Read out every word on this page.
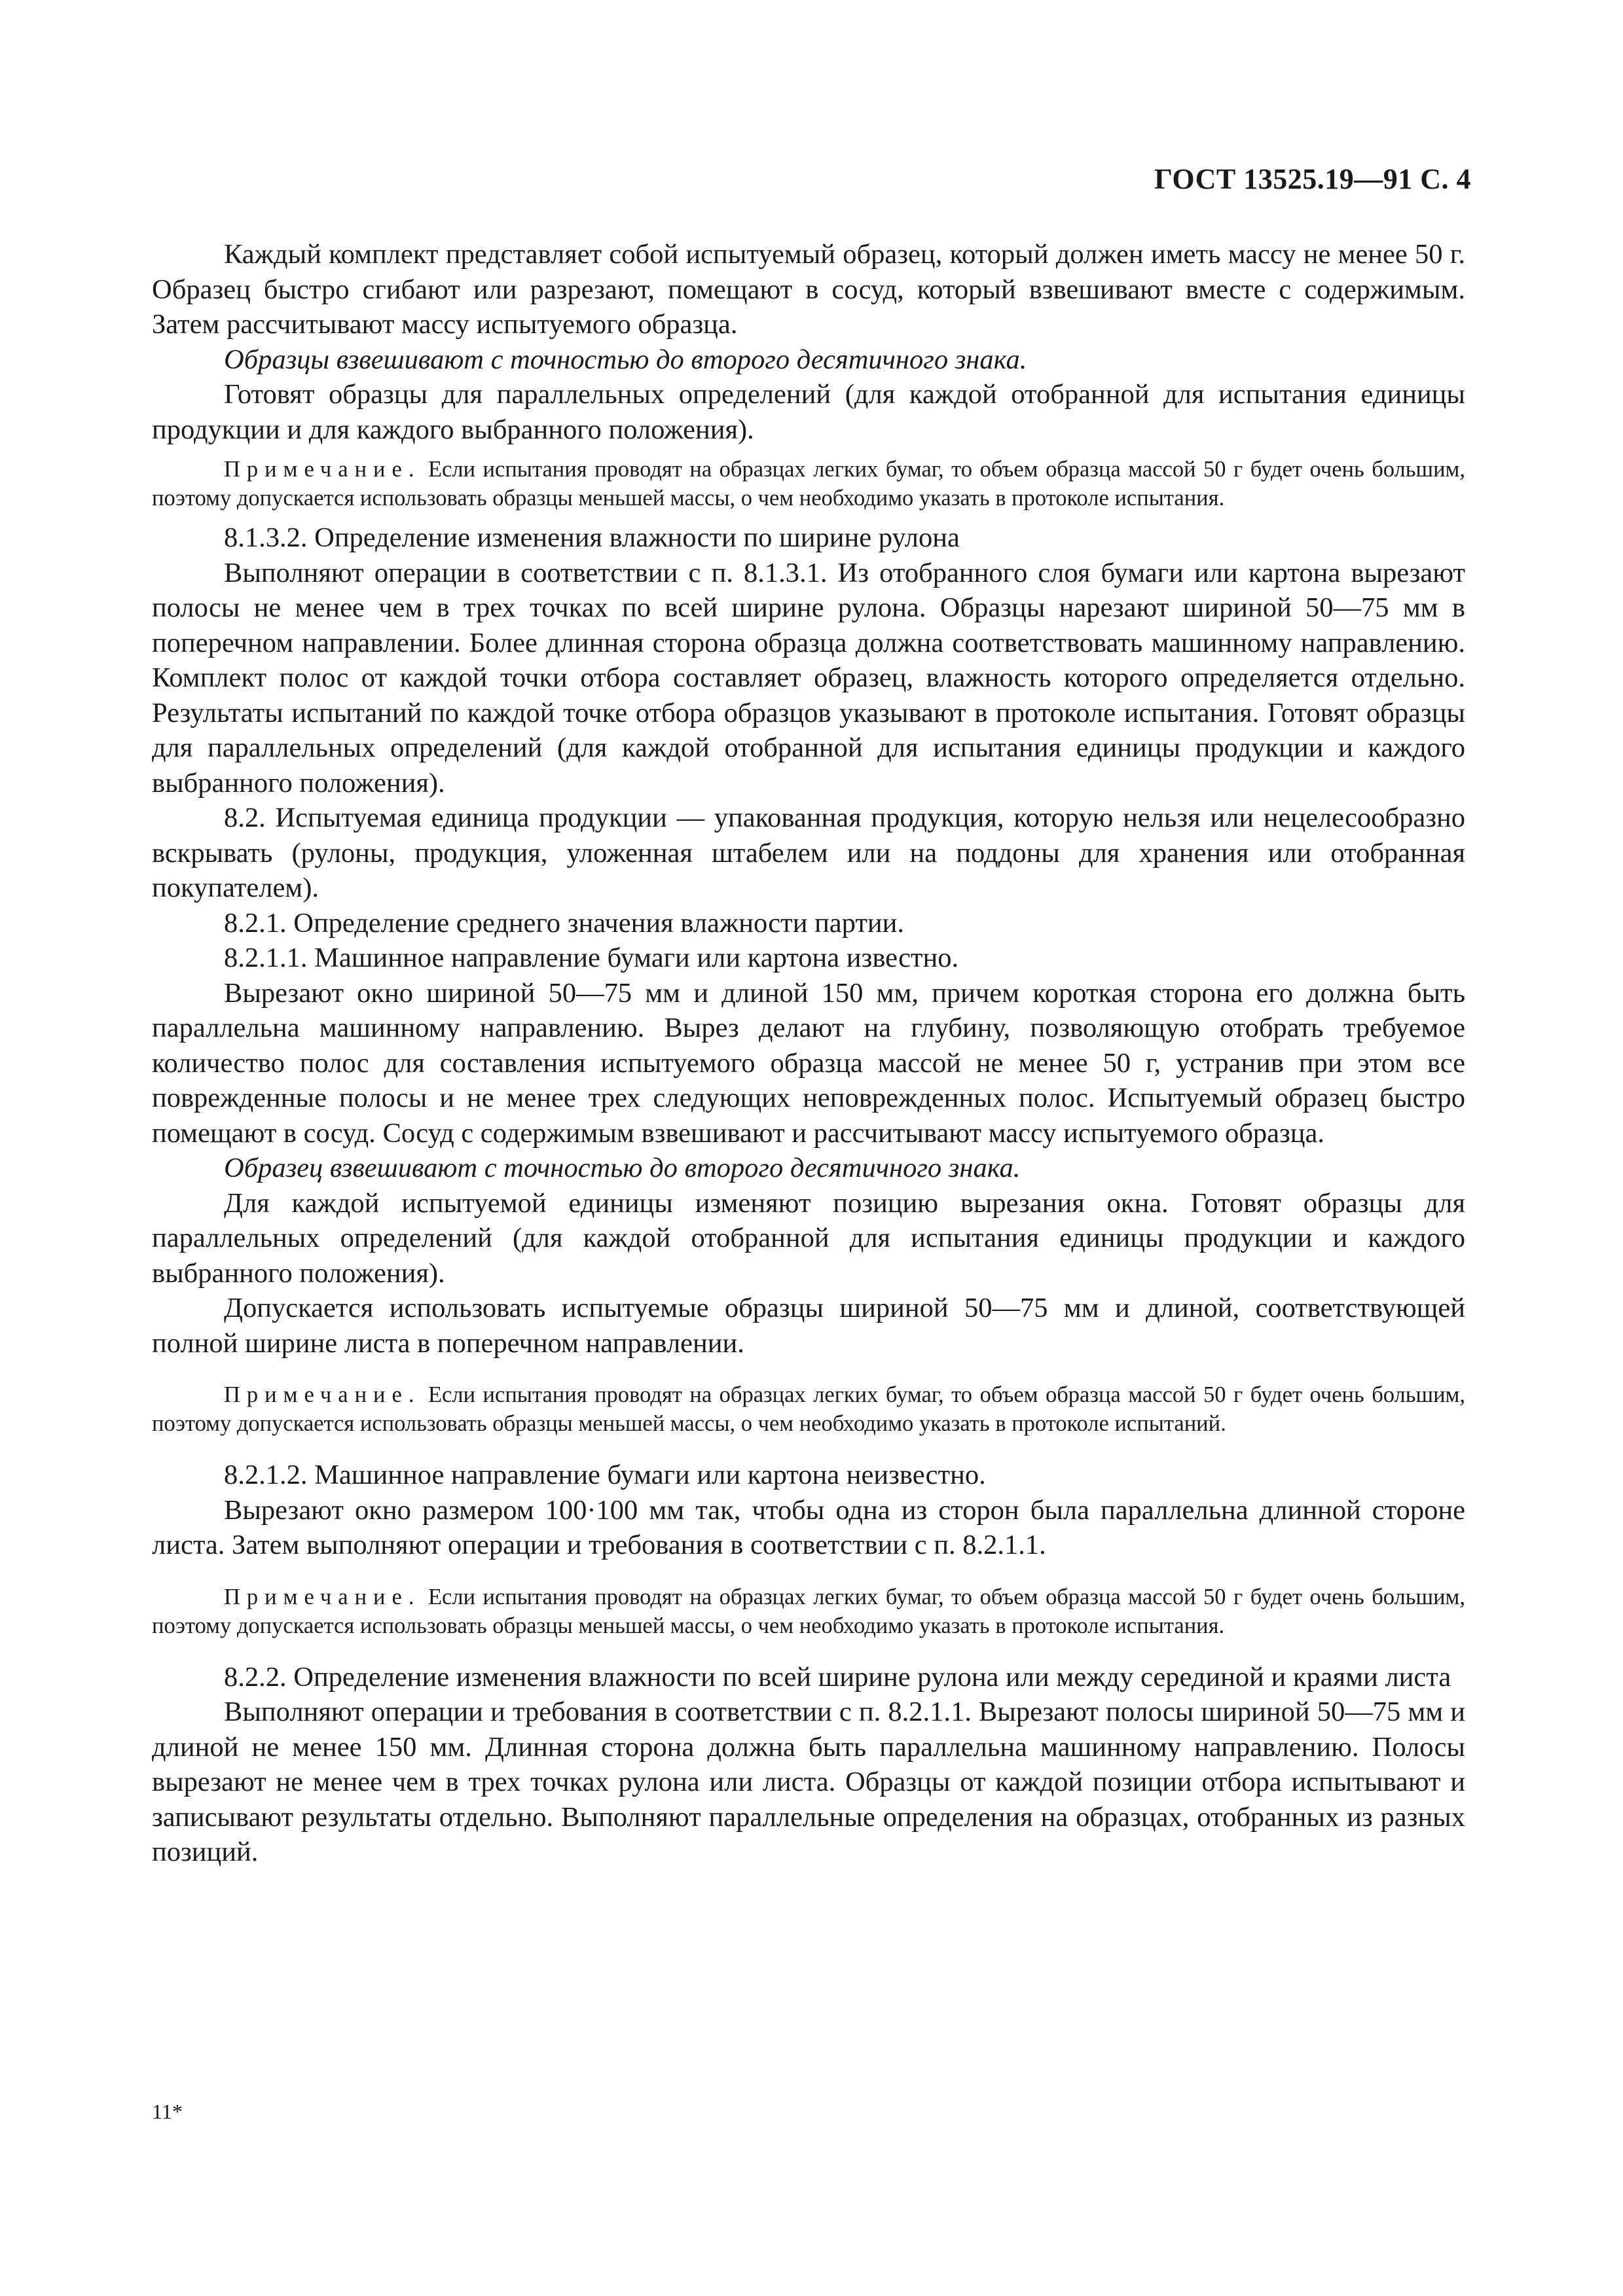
ГОСТ 13525.19—91 С. 4

Каждый комплект представляет собой испытуемый образец, который должен иметь массу не менее 50 г. Образец быстро сгибают или разрезают, помещают в сосуд, который взвешивают вместе с содержимым. Затем рассчитывают массу испытуемого образца.

Образцы взвешивают с точностью до второго десятичного знака.

Готовят образцы для параллельных определений (для каждой отобранной для испытания единицы продукции и для каждого выбранного положения).

Примечание. Если испытания проводят на образцах легких бумаг, то объем образца массой 50 г будет очень большим, поэтому допускается использовать образцы меньшей массы, о чем необходимо указать в протоколе испытания.

8.1.3.2. Определение изменения влажности по ширине рулона

Выполняют операции в соответствии с п. 8.1.3.1. Из отобранного слоя бумаги или картона вырезают полосы не менее чем в трех точках по всей ширине рулона. Образцы нарезают шириной 50—75 мм в поперечном направлении. Более длинная сторона образца должна соответствовать машинному направлению. Комплект полос от каждой точки отбора составляет образец, влажность которого определяется отдельно. Результаты испытаний по каждой точке отбора образцов указывают в протоколе испытания. Готовят образцы для параллельных определений (для каждой отобранной для испытания единицы продукции и каждого выбранного положения).

8.2. Испытуемая единица продукции — упакованная продукция, которую нельзя или нецелесообразно вскрывать (рулоны, продукция, уложенная штабелем или на поддоны для хранения или отобранная покупателем).

8.2.1. Определение среднего значения влажности партии.

8.2.1.1. Машинное направление бумаги или картона известно.

Вырезают окно шириной 50—75 мм и длиной 150 мм, причем короткая сторона его должна быть параллельна машинному направлению. Вырез делают на глубину, позволяющую отобрать требуемое количество полос для составления испытуемого образца массой не менее 50 г, устранив при этом все поврежденные полосы и не менее трех следующих неповрежденных полос. Испытуемый образец быстро помещают в сосуд. Сосуд с содержимым взвешивают и рассчитывают массу испытуемого образца.

Образец взвешивают с точностью до второго десятичного знака.

Для каждой испытуемой единицы изменяют позицию вырезания окна. Готовят образцы для параллельных определений (для каждой отобранной для испытания единицы продукции и каждого выбранного положения).

Допускается использовать испытуемые образцы шириной 50—75 мм и длиной, соответствующей полной ширине листа в поперечном направлении.

Примечание. Если испытания проводят на образцах легких бумаг, то объем образца массой 50 г будет очень большим, поэтому допускается использовать образцы меньшей массы, о чем необходимо указать в протоколе испытаний.

8.2.1.2. Машинное направление бумаги или картона неизвестно.

Вырезают окно размером 100·100 мм так, чтобы одна из сторон была параллельна длинной стороне листа. Затем выполняют операции и требования в соответствии с п. 8.2.1.1.

Примечание. Если испытания проводят на образцах легких бумаг, то объем образца массой 50 г будет очень большим, поэтому допускается использовать образцы меньшей массы, о чем необходимо указать в протоколе испытания.

8.2.2. Определение изменения влажности по всей ширине рулона или между серединой и краями листа

Выполняют операции и требования в соответствии с п. 8.2.1.1. Вырезают полосы шириной 50—75 мм и длиной не менее 150 мм. Длинная сторона должна быть параллельна машинному направлению. Полосы вырезают не менее чем в трех точках рулона или листа. Образцы от каждой позиции отбора испытывают и записывают результаты отдельно. Выполняют параллельные определения на образцах, отобранных из разных позиций.

11*
